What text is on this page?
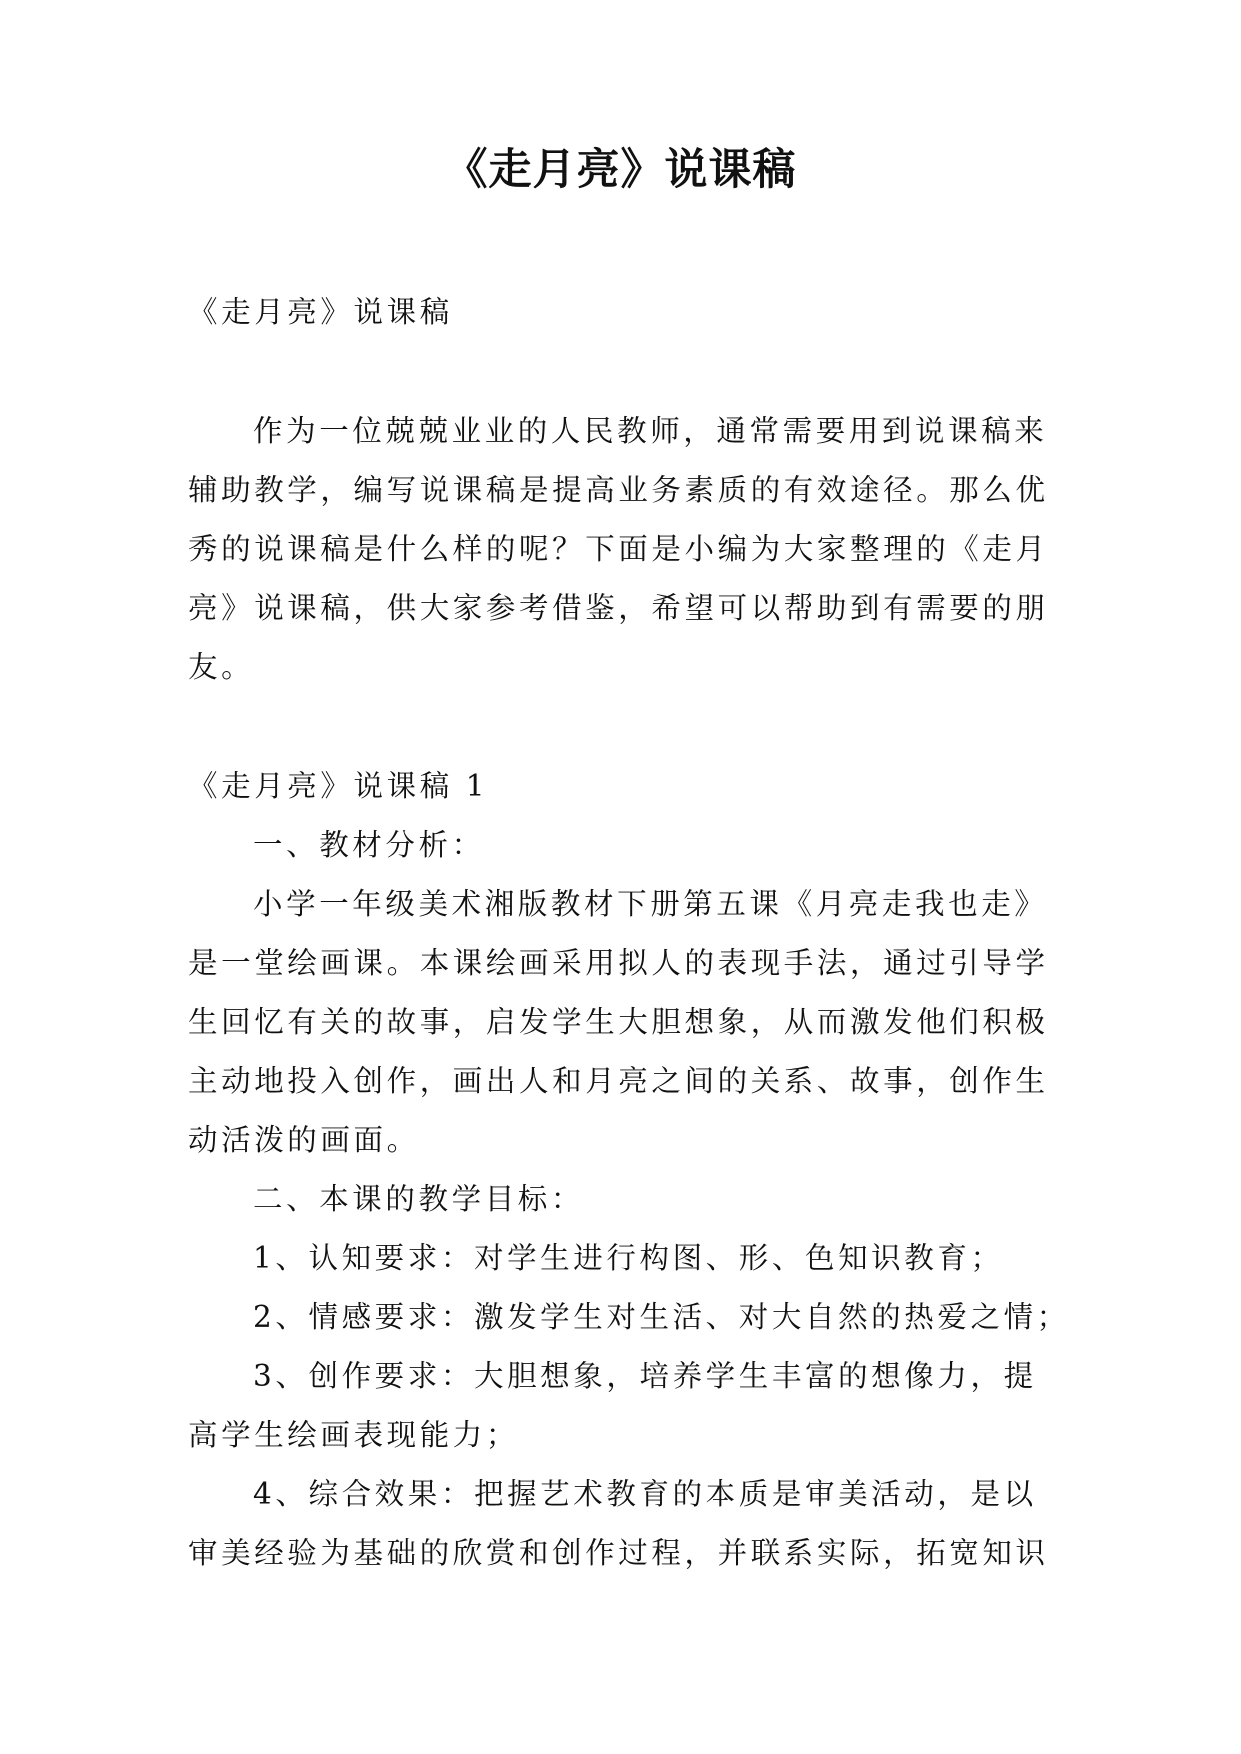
《走月亮》说课稿
《走月亮》说课稿
作为一位兢兢业业的人民教师，通常需要用到说课稿来
辅助教学，编写说课稿是提高业务素质的有效途径。那么优
秀的说课稿是什么样的呢？下面是小编为大家整理的《走月
亮》说课稿，供大家参考借鉴，希望可以帮助到有需要的朋
友。
《走月亮》说课稿 1
一、教材分析：
小学一年级美术湘版教材下册第五课《月亮走我也走》
是一堂绘画课。本课绘画采用拟人的表现手法，通过引导学
生回忆有关的故事，启发学生大胆想象，从而激发他们积极
主动地投入创作，画出人和月亮之间的关系、故事，创作生
动活泼的画面。
二、本课的教学目标：
1、认知要求：对学生进行构图、形、色知识教育；
2、情感要求：激发学生对生活、对大自然的热爱之情；
3、创作要求：大胆想象，培养学生丰富的想像力，提
高学生绘画表现能力；
4、综合效果：把握艺术教育的本质是审美活动，是以
审美经验为基础的欣赏和创作过程，并联系实际，拓宽知识
